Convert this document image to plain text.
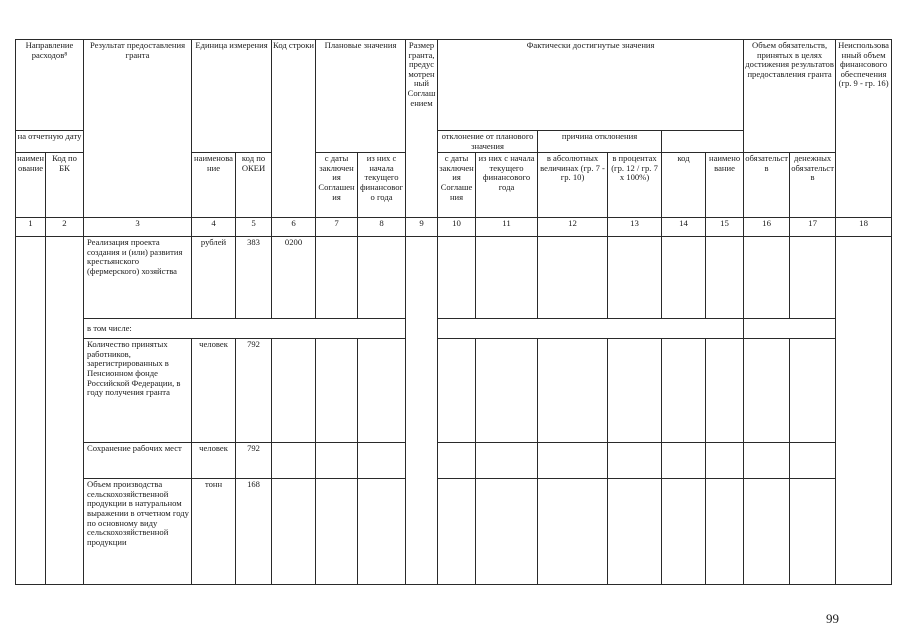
Направление расходов⁸		Результат предоставления гранта	Единица измерения		Код строки	Плановые значения		Размер гранта, предусмотренный Соглашением	Фактически достигнутые значения						Объем обязательств, принятых в целях достижения результатов предоставления гранта		Неиспользованный объем финансового обеспечения (гр. 9 - гр. 16)
на отчетную дату									отклонение от планового значения		причина отклонения						
наименование	Код по БК		наименование	код по ОКЕИ		с даты заключения Соглашения	из них с начала текущего финансового года		с даты заключения Соглашения	из них с начала текущего финансового года	в абсолютных величинах (гр. 7 - гр. 10)	в процентах (гр. 12 / гр. 7 x 100%)	код	наименование	обязательств	денежных обязательств	
1	2	3	4	5	6	7	8	9	10	11	12	13	14	15	16	17	18
		Реализация проекта создания и (или) развития крестьянского (фермерского) хозяйства	рублей	383	0200												
		в том числе:															
		Количество принятых работников, зарегистрированных в Пенсионном фонде Российской Федерации, в году получения гранта	человек	792													
		Сохранение рабочих мест	человек	792													
		Объем производства сельскохозяйственной продукции в натуральном выражении в отчетном году по основному виду сельскохозяйственной продукции	тонн	168													
99
